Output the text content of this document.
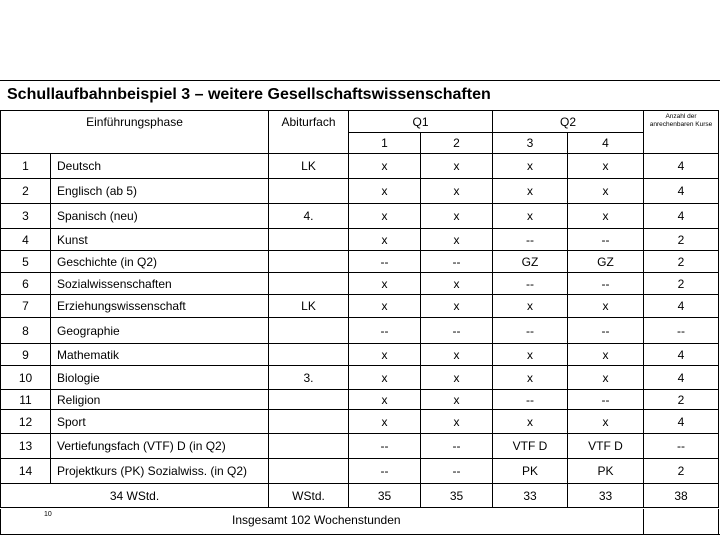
Schullaufbahnbeispiel 3 – weitere Gesellschaftswissenschaften
Einführungsphase		Abiturfach	Q1		Q2		Anzahl der anrechenbaren Kurse
			1	2	3	4	
1	Deutsch	LK	x	x	x	x	4
2	Englisch (ab 5)		x	x	x	x	4
3	Spanisch (neu)	4.	x	x	x	x	4
4	Kunst		x	x	--	--	2
5	Geschichte (in Q2)		--	--	GZ	GZ	2
6	Sozialwissenschaften		x	x	--	--	2
7	Erziehungswissenschaft	LK	x	x	x	x	4
8	Geographie		--	--	--	--	--
9	Mathematik		x	x	x	x	4
10	Biologie	3.	x	x	x	x	4
11	Religion		x	x	--	--	2
12	Sport		x	x	x	x	4
13	Vertiefungsfach (VTF) D (in Q2)		--	--	VTF D	VTF D	--
14	Projektkurs (PK) Sozialwiss. (in Q2)		--	--	PK	PK	2
34 WStd.		WStd.	35	35	33	33	38
10	Insgesamt 102 Wochenstunden
